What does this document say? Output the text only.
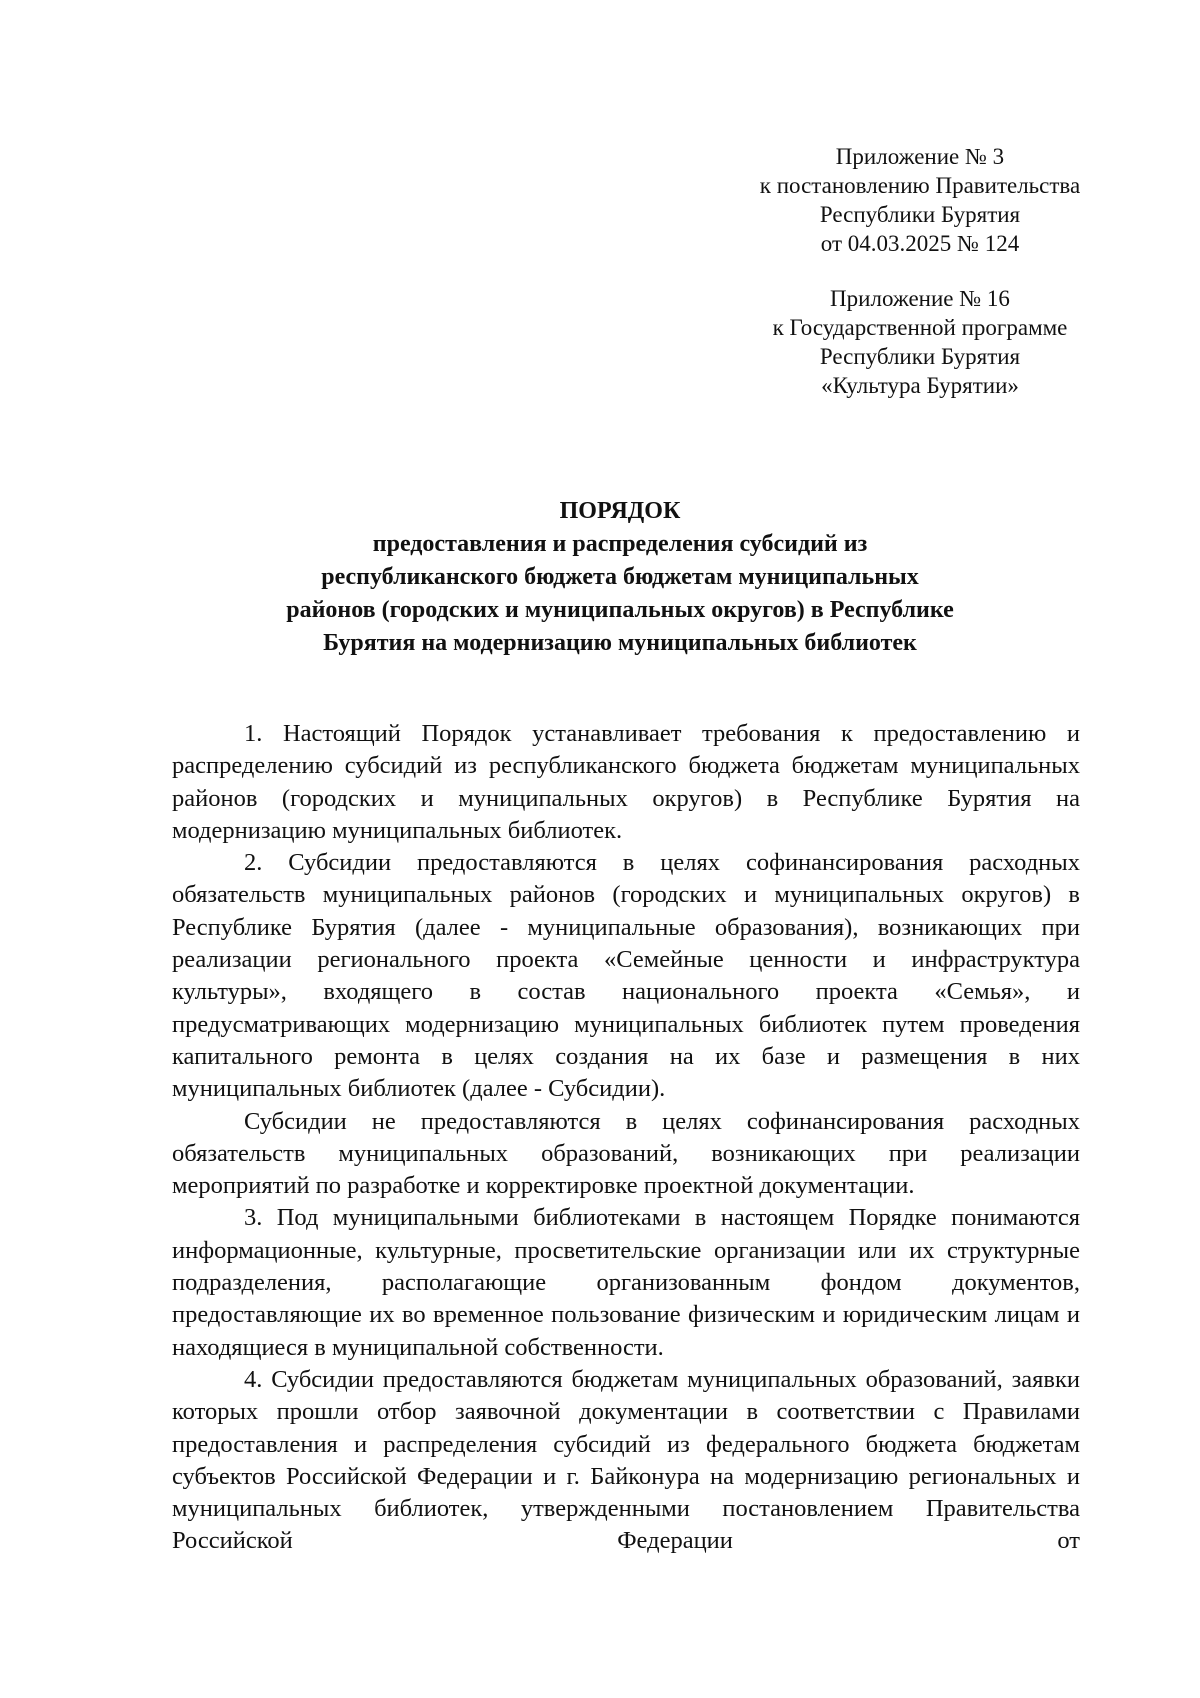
Приложение № 3
к постановлению Правительства
Республики Бурятия
от 04.03.2025 № 124
Приложение № 16
к Государственной программе
Республики Бурятия
«Культура Бурятии»
ПОРЯДОК
предоставления и распределения субсидий из
республиканского бюджета бюджетам муниципальных
районов (городских и муниципальных округов) в Республике
Бурятия на модернизацию муниципальных библиотек

1. Настоящий Порядок устанавливает требования к предоставлению и распределению субсидий из республиканского бюджета бюджетам муниципальных районов (городских и муниципальных округов) в Республике Бурятия на модернизацию муниципальных библиотек.

2. Субсидии предоставляются в целях софинансирования расходных обязательств муниципальных районов (городских и муниципальных округов) в Республике Бурятия (далее - муниципальные образования), возникающих при реализации регионального проекта «Семейные ценности и инфраструктура культуры», входящего в состав национального проекта «Семья», и предусматривающих модернизацию муниципальных библиотек путем проведения капитального ремонта в целях создания на их базе и размещения в них муниципальных библиотек (далее - Субсидии).

Субсидии не предоставляются в целях софинансирования расходных обязательств муниципальных образований, возникающих при реализации мероприятий по разработке и корректировке проектной документации.

3. Под муниципальными библиотеками в настоящем Порядке понимаются информационные, культурные, просветительские организации или их структурные подразделения, располагающие организованным фондом документов, предоставляющие их во временное пользование физическим и юридическим лицам и находящиеся в муниципальной собственности.

4. Субсидии предоставляются бюджетам муниципальных образований, заявки которых прошли отбор заявочной документации в соответствии с Правилами предоставления и распределения субсидий из федерального бюджета бюджетам субъектов Российской Федерации и г. Байконура на модернизацию региональных и муниципальных библиотек, утвержденными постановлением Правительства Российской Федерации от
